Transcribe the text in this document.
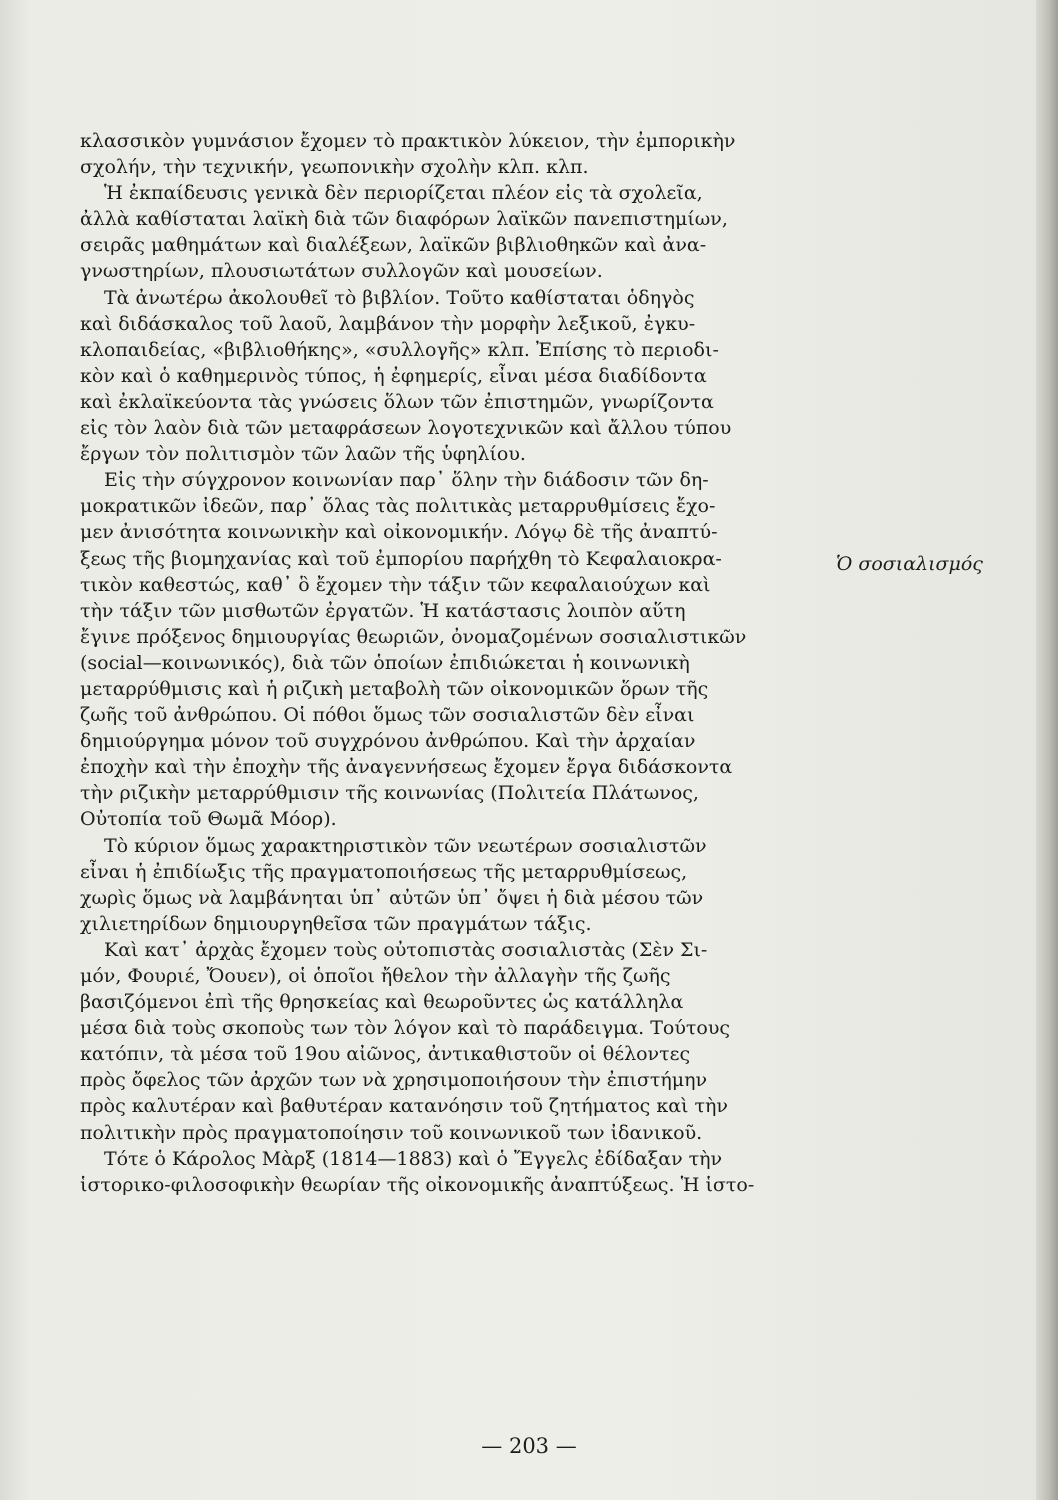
κλασσικὸν γυμνάσιον ἔχομεν τὸ πρακτικὸν λύκειον, τὴν ἐμπορικὴν
σχολήν, τὴν τεχνικήν, γεωπονικὴν σχολὴν κλπ. κλπ.
Ἡ ἐκπαίδευσις γενικὰ δὲν περιορίζεται πλέον εἰς τὰ σχολεῖα,
ἀλλὰ καθίσταται λαϊκὴ διὰ τῶν διαφόρων λαϊκῶν πανεπιστημίων,
σειρᾶς μαθημάτων καὶ διαλέξεων, λαϊκῶν βιβλιοθηκῶν καὶ ἀνα-
γνωστηρίων, πλουσιωτάτων συλλογῶν καὶ μουσείων.
Τὰ ἀνωτέρω ἀκολουθεῖ τὸ βιβλίον. Τοῦτο καθίσταται ὁδηγὸς
καὶ διδάσκαλος τοῦ λαοῦ, λαμβάνον τὴν μορφὴν λεξικοῦ, ἐγκυ-
κλοπαιδείας, «βιβλιοθήκης», «συλλογῆς» κλπ. Ἐπίσης τὸ περιοδι-
κὸν καὶ ὁ καθημερινὸς τύπος, ἡ ἐφημερίς, εἶναι μέσα διαδίδοντα
καὶ ἐκλαϊκεύοντα τὰς γνώσεις ὅλων τῶν ἐπιστημῶν, γνωρίζοντα
εἰς τὸν λαὸν διὰ τῶν μεταφράσεων λογοτεχνικῶν καὶ ἄλλου τύπου
ἔργων τὸν πολιτισμὸν τῶν λαῶν τῆς ὑφηλίου.
Εἰς τὴν σύγχρονον κοινωνίαν παρ᾽ ὅλην τὴν διάδοσιν τῶν δη-
μοκρατικῶν ἰδεῶν, παρ᾽ ὅλας τὰς πολιτικὰς μεταρρυθμίσεις ἔχο-
μεν ἀνισότητα κοινωνικὴν καὶ οἰκονομικήν. Λόγῳ δὲ τῆς ἀναπτύ-
ξεως τῆς βιομηχανίας καὶ τοῦ ἐμπορίου παρήχθη τὸ Κεφαλαιοκρα-
τικὸν καθεστώς, καθ᾽ ὃ ἔχομεν τὴν τάξιν τῶν κεφαλαιούχων καὶ
τὴν τάξιν τῶν μισθωτῶν ἐργατῶν. Ἡ κατάστασις λοιπὸν αὕτη
ἔγινε πρόξενος δημιουργίας θεωριῶν, ὀνομαζομένων σοσιαλιστικῶν
(social—κοινωνικός), διὰ τῶν ὁποίων ἐπιδιώκεται ἡ κοινωνικὴ
μεταρρύθμισις καὶ ἡ ριζικὴ μεταβολὴ τῶν οἰκονομικῶν ὅρων τῆς
ζωῆς τοῦ ἀνθρώπου. Οἱ πόθοι ὅμως τῶν σοσιαλιστῶν δὲν εἶναι
δημιούργημα μόνον τοῦ συγχρόνου ἀνθρώπου. Καὶ τὴν ἀρχαίαν
ἐποχὴν καὶ τὴν ἐποχὴν τῆς ἀναγεννήσεως ἔχομεν ἔργα διδάσκοντα
τὴν ριζικὴν μεταρρύθμισιν τῆς κοινωνίας (Πολιτεία Πλάτωνος,
Οὐτοπία τοῦ Θωμᾶ Μόορ).
Τὸ κύριον ὅμως χαρακτηριστικὸν τῶν νεωτέρων σοσιαλιστῶν
εἶναι ἡ ἐπιδίωξις τῆς πραγματοποιήσεως τῆς μεταρρυθμίσεως,
χωρὶς ὅμως νὰ λαμβάνηται ὑπ᾽ αὐτῶν ὑπ᾽ ὄψει ἡ διὰ μέσου τῶν
χιλιετηρίδων δημιουργηθεῖσα τῶν πραγμάτων τάξις.
Καὶ κατ᾽ ἀρχὰς ἔχομεν τοὺς οὐτοπιστὰς σοσιαλιστὰς (Σὲν Σι-
μόν, Φουριέ, Ὄουεν), οἱ ὁποῖοι ἤθελον τὴν ἀλλαγὴν τῆς ζωῆς
βασιζόμενοι ἐπὶ τῆς θρησκείας καὶ θεωροῦντες ὡς κατάλληλα
μέσα διὰ τοὺς σκοποὺς των τὸν λόγον καὶ τὸ παράδειγμα. Τούτους
κατόπιν, τὰ μέσα τοῦ 19ου αἰῶνος, ἀντικαθιστοῦν οἱ θέλοντες
πρὸς ὄφελος τῶν ἀρχῶν των νὰ χρησιμοποιήσουν τὴν ἐπιστήμην
πρὸς καλυτέραν καὶ βαθυτέραν κατανόησιν τοῦ ζητήματος καὶ τὴν
πολιτικὴν πρὸς πραγματοποίησιν τοῦ κοινωνικοῦ των ἰδανικοῦ.
Τότε ὁ Κάρολος Μὰρξ (1814—1883) καὶ ὁ Ἔγγελς ἐδίδαξαν τὴν
ἱστορικο-φιλοσοφικὴν θεωρίαν τῆς οἰκονομικῆς ἀναπτύξεως. Ἡ ἱστο-
Ὁ σοσιαλισμός
— 203 —
